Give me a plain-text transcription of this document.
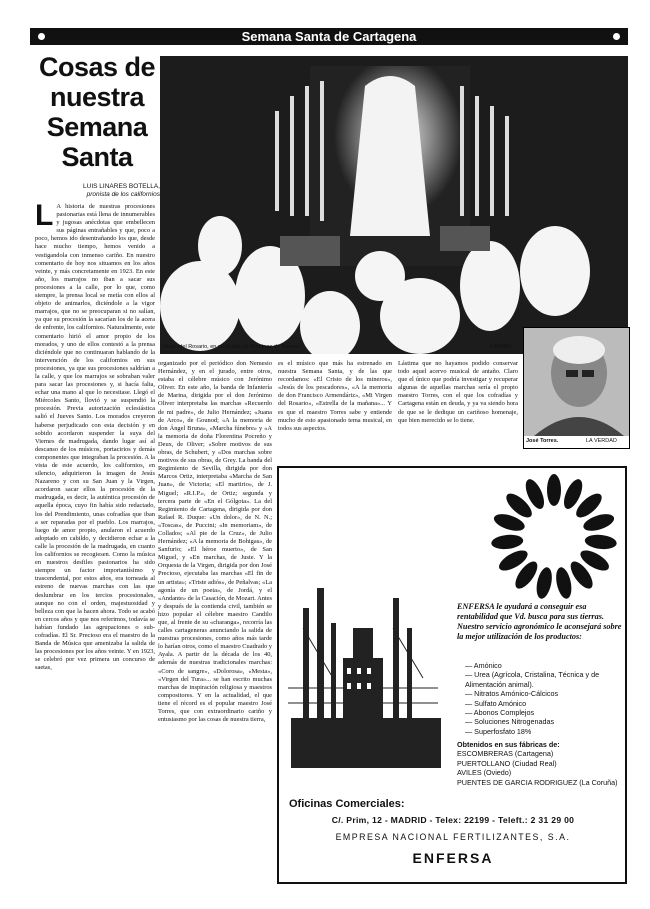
Semana Santa de Cartagena
Cosas de nuestra Semana Santa
LUIS LINARES BOTELLA,
pronista de los californios
L A historia de nuestras procesiones pasionarias está llena de innumerables y jugosas anécdotas que embellecen sus páginas entrañables y que, poco a poco, hemos ido desentrañando los que, desde hace mucho tiempo, hemos venido a vestigandola con inmenso cariño. En nuestro comentario de hoy nos situamos en los años veinte, y más concretamente en 1923. En este año, los marrajos no iban a sacar sus procesiones a la calle, por lo que, como siempre, la prensa local se metía con ellos al objeto de animarlos, diciéndole a la vigor marrajos, que no se preocuparan si no salían, ya que su procesión la sacarían los de la acera de enfrente, los californios. Naturalmente, este comentario hirió el amor propio de los morados, y uno de ellos contestó a la prensa diciéndole que no continuaran hablando de la intervención de los californios en sus procesiones, ya que sus procesiones saldrían a la calle, y que los marrajos se sobraban valer para sacar las procesiones y, si hacía falta, echar una mano al que lo necesitase. Llegó el Miércoles Santo, llovió y se suspendió la procesión. Previa autorización eclesiástica salió el Jueves Santo. Los morados creyeron haberse perjudicado con esta decisión y en sobido acordaron suspender la suya del Viernes de madrugada, dando lugar así al descanso de los músicos, portacirios y demás componentes que integraban la procesión. A la vista de este acuerdo, los californios, en silencio, adquirieron la imagen de Jesús Nazareno y con su San Juan y la Virgen, acordaron sacar ellos la procesión de la madrugada, es decir, la auténtica procesión de aquella época, cuyo fin había sido redactado, los del Prendimiento, unas cofradías que iban a ser reparadas por el pueblo. Los marrajos, luego de amor propio, anularon el acuerdo adoptado en cabildo, y decidieron echar a la calle la procesión de la madrugada, en cuanto los californios se recogiesen. Como la música en nuestros desfiles pasionarios ha sido siempre un factor importantísimo y trascendental, por estos años, era torneada al estreno de nuevas marchas con las que deslumbrar en los tercios procesionales, aunque no con el orden, majestuosidad y belleza con que la hacen ahora. Todo se acabó en cercos años y que nos referimos, todavía se habían fundado las agrupaciones o sub-cofradías. El Sr. Precioso era el maestro de la Banda de Música que amenizaba la salida de las procesiones por los años veinte. Y en 1923, se celebró por vez primera un concurso de saetas,
Virgen del Rosario, en su desfile de Domingo de Ramos.	DAMIAN
José Torres.	LA VERDAD
organizado por el periódico don Nemesio Hernández, y en el jurado, entre otros, estaba el célebre músico con Jerónimo Oliver. En este año, la banda de Infantería de Marina, dirigida por el don Jerónimo Oliver interpretaba las marchas «Recuerdo de mi padre», de Julio Hernández; «Juana de Arco», de Gounod; «A la memoria de don Ángel Bruna», «Marcha fúnebre» y «A la memoria de doña Florentina Pocreño y Deux, de Oliver; «Sobre motivos de sus obras, de Schubert, y «Dos marchas sobre motivos de sus obras, de Grey. La banda del Regimiento de Sevilla, dirigida por don Marcos Ortiz, interpretaba «Marcha de San Juan», de Victoria; «El martirio», de J. Miguel; «R.I.P.», de Ortiz; segunda y tercera parte de «En el Gólgota». La del Regimiento de Cartagena, dirigida por don Rafael R. Duque: «Un dolor», de N. N.; «Toscas», de Puccini; «In memoriam», de Collados; «Al pie de la Cruz», de Julio Hernández; «A la memoria de Bohigas», de Sanfurio; «El héroe muerto», de San Miguel, y «En marchas, de Juste. Y la Orquesta de la Virgen, dirigida por don José Precioso, ejecutaba las marchas «El fin de un artista»; «Triste adiós», de Peñalvas; «La agonía de un poeta», de Jordá, y el «Andante» de la Casación, de Mozart. Antes y después de la contienda civil, también se hizo popular el célebre maestro Candilo que, al frente de su «charanga», recorría las calles cartageneras anunciando la salida de nuestras procesiones, como años más tarde lo harían otros, como el maestro Cuadrado y Ayala. A partir de la década de los 40, además de nuestras tradicionales marchas: «Coro de sangre», «Dolorosa», «Mesta», «Virgen del Tura»... se han escrito muchas marchas de inspiración religiosa y maestros compositores. Y en la actualidad, el que tiene el récord es el popular maestro José Torres, que con extraordinario cariño y entusiasmo por las cosas de nuestra tierra,
es el músico que más ha estrenado en nuestra Semana Santa, y de las que recordamos: «El Cristo de los mineros», «Jesús de los pescadores», «A la memoria de don Francisco Armendáriz», «Mi Virgen del Rosario», «Estrella de la mañana»... Y es que el maestro Torres sabe y entiende mucho de esto apasionado tema musical, en todos sus aspectos.
Lástima que no hayamos podido conservar todo aquel acervo musical de antaño. Claro que el único que podría investigar y recuperar algunas de aquellas marchas sería el propio maestro Torres, con el que los cofradías y Cartagena están en deuda, y ya va siendo hora de que se le dedique un cariñoso homenaje, que bien merecido se lo tiene.
ENFERSA le ayudará a conseguir esa rentabilidad que Vd. busca para sus tierras. Nuestro servicio agronómico le aconsejará sobre la mejor utilización de los productos:
— Amónico
— Urea (Agrícola, Cristalina, Técnica y de Alimentación animal).
— Nitratos Amónico-Cálcicos
— Sulfato Amónico
— Abonos Complejos
— Soluciones Nitrogenadas
— Superfosfato 18%
Obtenidos en sus fábricas de:
ESCOMBRERAS (Cartagena)
PUERTOLLANO (Ciudad Real)
AVILES (Oviedo)
PUENTES DE GARCIA RODRIGUEZ (La Coruña)
Oficinas Comerciales:
C/. Prim, 12 - MADRID - Telex: 22199 - Teleft.: 2 31 29 00
EMPRESA NACIONAL FERTILIZANTES, S.A.
ENFERSA
